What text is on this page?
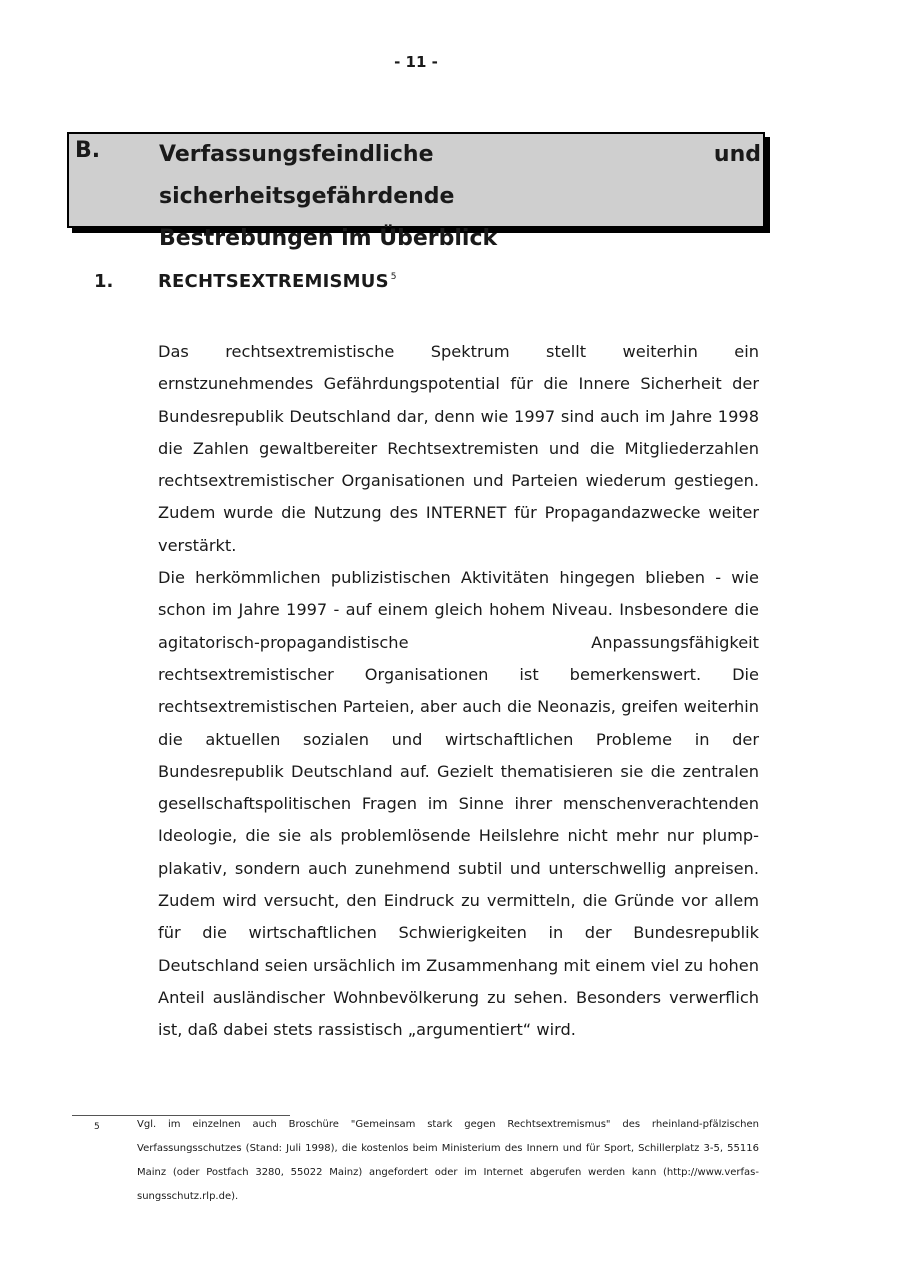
- 11 -
B.	Verfassungsfeindliche und sicherheitsgefährdende
Bestrebungen im Überblick
1. RECHTSEXTREMISMUS $^5$

Das rechtsextremistische Spektrum stellt weiterhin ein ernstzunehmendes Gefährdungspotential für die Innere Sicherheit der Bundesrepublik Deutschland dar, denn wie 1997 sind auch im Jahre 1998 die Zahlen gewaltbereiter Rechtsextremisten und die Mitgliederzahlen rechtsextremistischer Organisationen und Parteien wiederum gestiegen. Zudem wurde die Nutzung des INTERNET für Propagandazwecke weiter verstärkt.

Die herkömmlichen publizistischen Aktivitäten hingegen blieben - wie schon im Jahre 1997 - auf einem gleich hohem Niveau. Insbesondere die agitatorisch-propagandistische Anpassungsfähigkeit rechtsextremistischer Organisationen ist bemerkenswert. Die rechtsextremistischen Parteien, aber auch die Neonazis, greifen weiterhin die aktuellen sozialen und wirtschaftlichen Probleme in der Bundesrepublik Deutschland auf. Gezielt thematisieren sie die zentralen gesellschaftspolitischen Fragen im Sinne ihrer menschenverachtenden Ideologie, die sie als problemlösende Heilslehre nicht mehr nur plump-plakativ, sondern auch zunehmend subtil und unterschwellig anpreisen. Zudem wird versucht, den Eindruck zu vermitteln, die Gründe vor allem für die wirtschaftlichen Schwierigkeiten in der Bundesrepublik Deutschland seien ursächlich im Zusammenhang mit einem viel zu hohen Anteil ausländischer Wohnbevölkerung zu sehen. Besonders verwerflich ist, daß dabei stets rassistisch „argumentiert“ wird.

5	Vgl. im einzelnen auch Broschüre "Gemeinsam stark gegen Rechtsextremismus" des rheinland-pfälzischen Verfassungsschutzes (Stand: Juli 1998), die kostenlos beim Ministerium des Innern und für Sport, Schillerplatz 3-5, 55116 Mainz (oder Postfach 3280, 55022 Mainz) angefordert oder im Internet abgerufen werden kann (http://www.verfas-sungsschutz.rlp.de).
